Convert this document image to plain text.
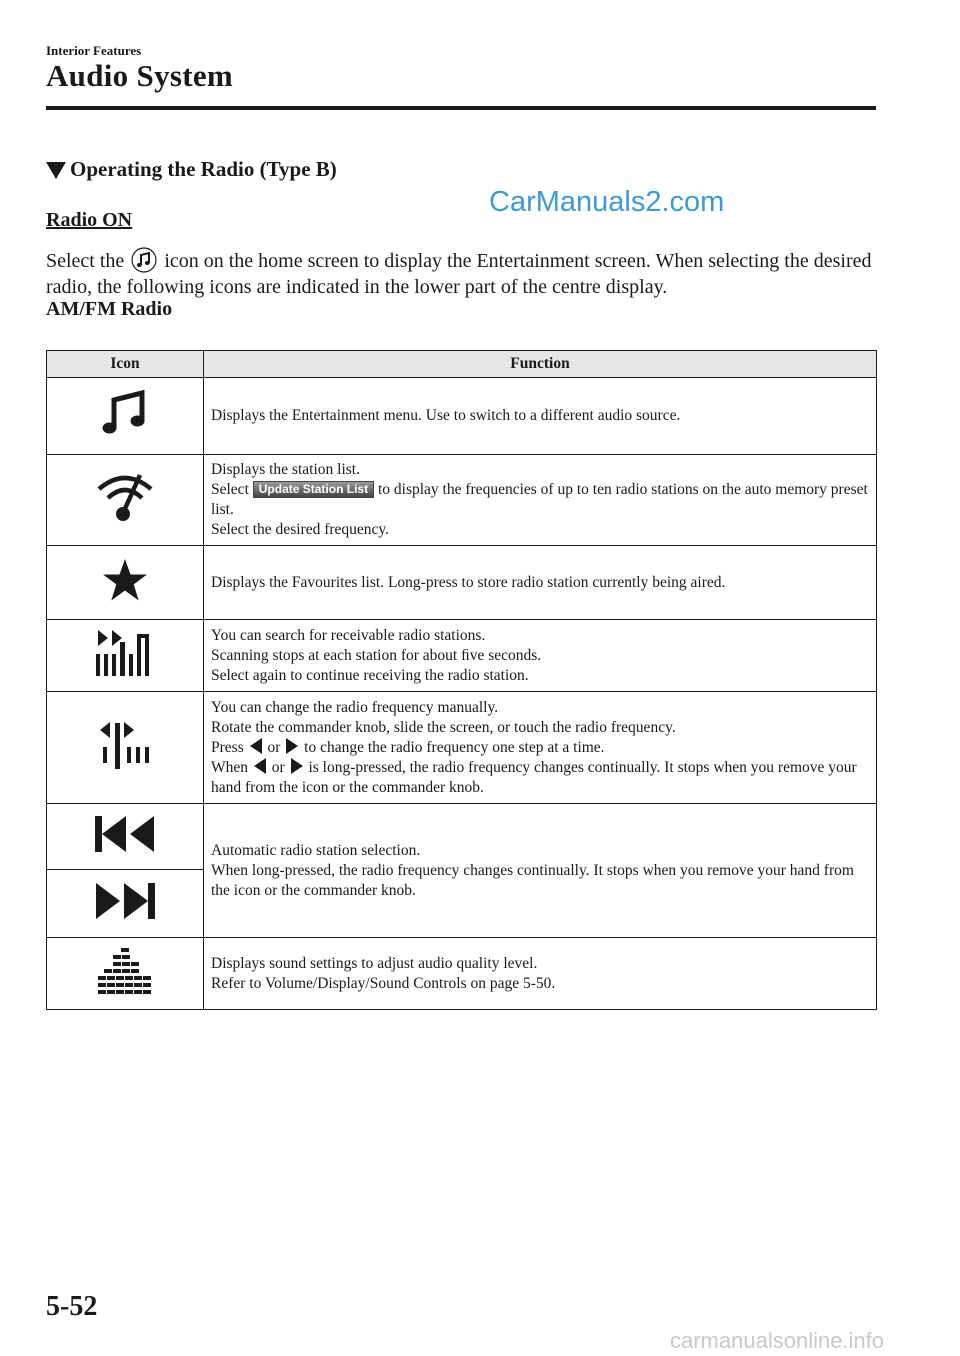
Interior Features
Audio System
Operating the Radio (Type B)
CarManuals2.com
Radio ON
Select the  icon on the home screen to display the Entertainment screen. When selecting the desired radio, the following icons are indicated in the lower part of the centre display.
AM/FM Radio
Icon	Function

Displays the Entertainment menu. Use to switch to a different audio source.

Displays the station list.
Select Update Station List to display the frequencies of up to ten radio stations on the auto memory preset list.
Select the desired frequency.

Displays the Favourites list. Long-press to store radio station currently being aired.

You can search for receivable radio stations.
Scanning stops at each station for about ﬁve seconds.
Select again to continue receiving the radio station.

You can change the radio frequency manually.
Rotate the commander knob, slide the screen, or touch the radio frequency.
Press  or  to change the radio frequency one step at a time.
When  or  is long-pressed, the radio frequency changes continually. It stops when you remove your hand from the icon or the commander knob.

Automatic radio station selection.
When long-pressed, the radio frequency changes continually. It stops when you remove your hand from the icon or the commander knob.

Displays sound settings to adjust audio quality level.
Refer to Volume/Display/Sound Controls on page 5-50.
5-52
carmanualsonline.info
